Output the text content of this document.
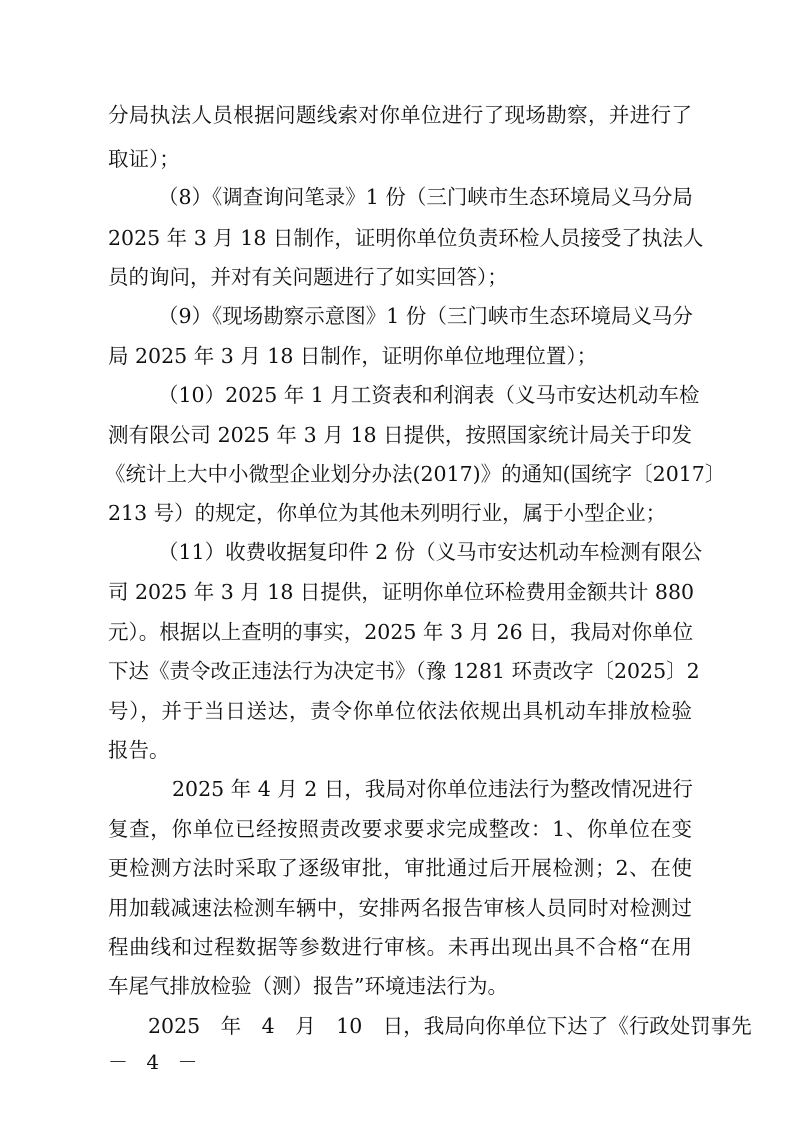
分局执法人员根据问题线索对你单位进行了现场勘察，并进行了
取证）；
（8）《调查询问笔录》1 份（三门峡市生态环境局义马分局
2025 年 3 月 18 日制作，证明你单位负责环检人员接受了执法人
员的询问，并对有关问题进行了如实回答）；
（9）《现场勘察示意图》1 份（三门峡市生态环境局义马分
局 2025 年 3 月 18 日制作，证明你单位地理位置）；
（10）2025 年 1 月工资表和利润表（义马市安达机动车检
测有限公司 2025 年 3 月 18 日提供，按照国家统计局关于印发
《统计上大中小微型企业划分办法(2017)》的通知(国统字〔2017〕
213 号）的规定，你单位为其他未列明行业，属于小型企业；
（11）收费收据复印件 2 份（义马市安达机动车检测有限公
司 2025 年 3 月 18 日提供，证明你单位环检费用金额共计 880
元）。根据以上查明的事实，2025 年 3 月 26 日，我局对你单位
下达《责令改正违法行为决定书》（豫 1281 环责改字〔2025〕2
号），并于当日送达，责令你单位依法依规出具机动车排放检验
报告。
2025 年 4 月 2 日，我局对你单位违法行为整改情况进行
复查，你单位已经按照责改要求要求完成整改：1、你单位在变
更检测方法时采取了逐级审批，审批通过后开展检测；2、在使
用加载减速法检测车辆中，安排两名报告审核人员同时对检测过
程曲线和过程数据等参数进行审核。未再出现出具不合格“在用
车尾气排放检验（测）报告”环境违法行为。
2025　年　4　月　10　日，我局向你单位下达了《行政处罚事先
－ 4 －
